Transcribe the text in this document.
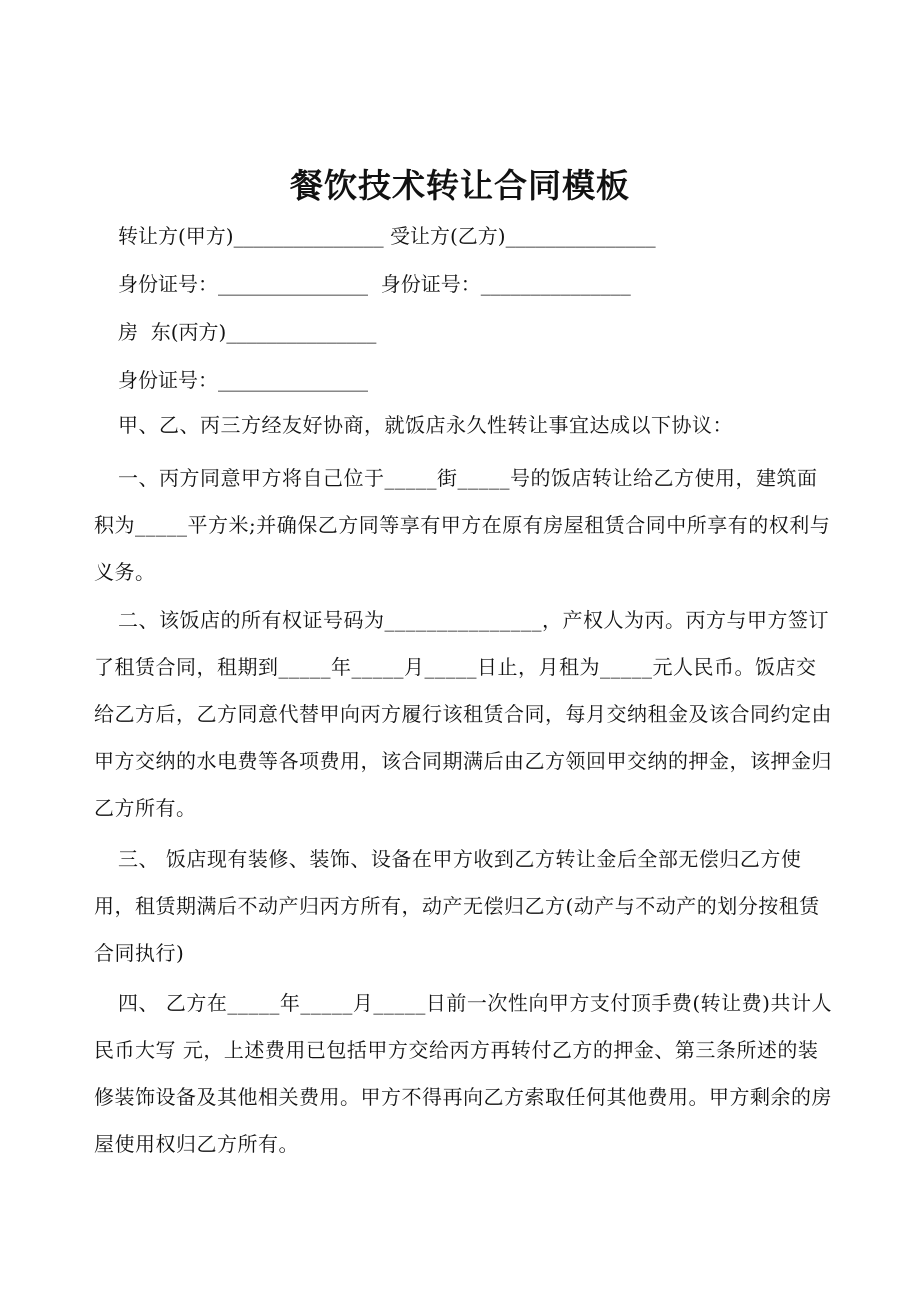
餐饮技术转让合同模板
转让方(甲方)_______________ 受让方(乙方)_______________
身份证号：_______________  身份证号：_______________
房  东(丙方)_______________
身份证号：_______________
甲、乙、丙三方经友好协商，就饭店永久性转让事宜达成以下协议：
一、丙方同意甲方将自己位于_____街_____号的饭店转让给乙方使用，建筑面积为_____平方米;并确保乙方同等享有甲方在原有房屋租赁合同中所享有的权利与义务。
二、该饭店的所有权证号码为_______________，产权人为丙。丙方与甲方签订了租赁合同，租期到_____年_____月_____日止，月租为_____元人民币。饭店交给乙方后，乙方同意代替甲向丙方履行该租赁合同，每月交纳租金及该合同约定由甲方交纳的水电费等各项费用，该合同期满后由乙方领回甲交纳的押金，该押金归乙方所有。
三、 饭店现有装修、装饰、设备在甲方收到乙方转让金后全部无偿归乙方使用，租赁期满后不动产归丙方所有，动产无偿归乙方(动产与不动产的划分按租赁合同执行)
四、 乙方在_____年_____月_____日前一次性向甲方支付顶手费(转让费)共计人民币大写 元，上述费用已包括甲方交给丙方再转付乙方的押金、第三条所述的装修装饰设备及其他相关费用。甲方不得再向乙方索取任何其他费用。甲方剩余的房屋使用权归乙方所有。
